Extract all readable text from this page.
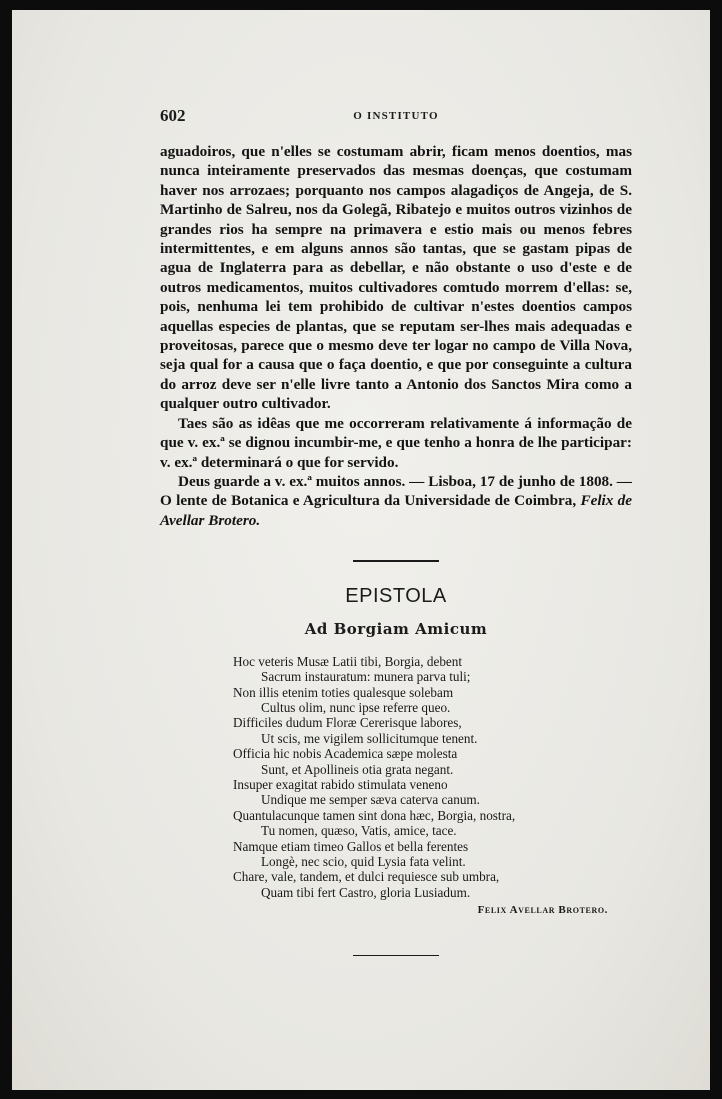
602	O INSTITUTO

aguadoiros, que n'elles se costumam abrir, ficam menos doentios, mas nunca inteiramente preservados das mesmas doenças, que costumam haver nos arrozaes; porquanto nos campos alagadiços de Angeja, de S. Martinho de Salreu, nos da Golegã, Ribatejo e muitos outros vizinhos de grandes rios ha sempre na primavera e estio mais ou menos febres intermittentes, e em alguns annos são tantas, que se gastam pipas de agua de Inglaterra para as debellar, e não obstante o uso d'este e de outros medicamentos, muitos cultivadores comtudo morrem d'ellas: se, pois, nenhuma lei tem prohibido de cultivar n'estes doentios campos aquellas especies de plantas, que se reputam ser-lhes mais adequadas e proveitosas, parece que o mesmo deve ter logar no campo de Villa Nova, seja qual for a causa que o faça doentio, e que por conseguinte a cultura do arroz deve ser n'elle livre tanto a Antonio dos Sanctos Mira como a qualquer outro cultivador.

Taes são as idêas que me occorreram relativamente á informação de que v. ex.ª se dignou incumbir-me, e que tenho a honra de lhe participar: v. ex.ª determinará o que for servido.

Deus guarde a v. ex.ª muitos annos. — Lisboa, 17 de junho de 1808. — O lente de Botanica e Agricultura da Universidade de Coimbra, Felix de Avellar Brotero.

EPISTOLA
Ad Borgiam Amicum
Hoc veteris Musæ Latii tibi, Borgia, debent
Sacrum instauratum: munera parva tuli;
Non illis etenim toties qualesque solebam
Cultus olim, nunc ipse referre queo.
Difficiles dudum Floræ Cererisque labores,
Ut scis, me vigilem sollicitumque tenent.
Officia hic nobis Academica sæpe molesta
Sunt, et Apollineis otia grata negant.
Insuper exagitat rabido stimulata veneno
Undique me semper sæva caterva canum.
Quantulacunque tamen sint dona hæc, Borgia, nostra,
Tu nomen, quæso, Vatis, amice, tace.
Namque etiam timeo Gallos et bella ferentes
Longè, nec scio, quid Lysia fata velint.
Chare, vale, tandem, et dulci requiesce sub umbra,
Quam tibi fert Castro, gloria Lusiadum.
Felix Avellar Brotero.
